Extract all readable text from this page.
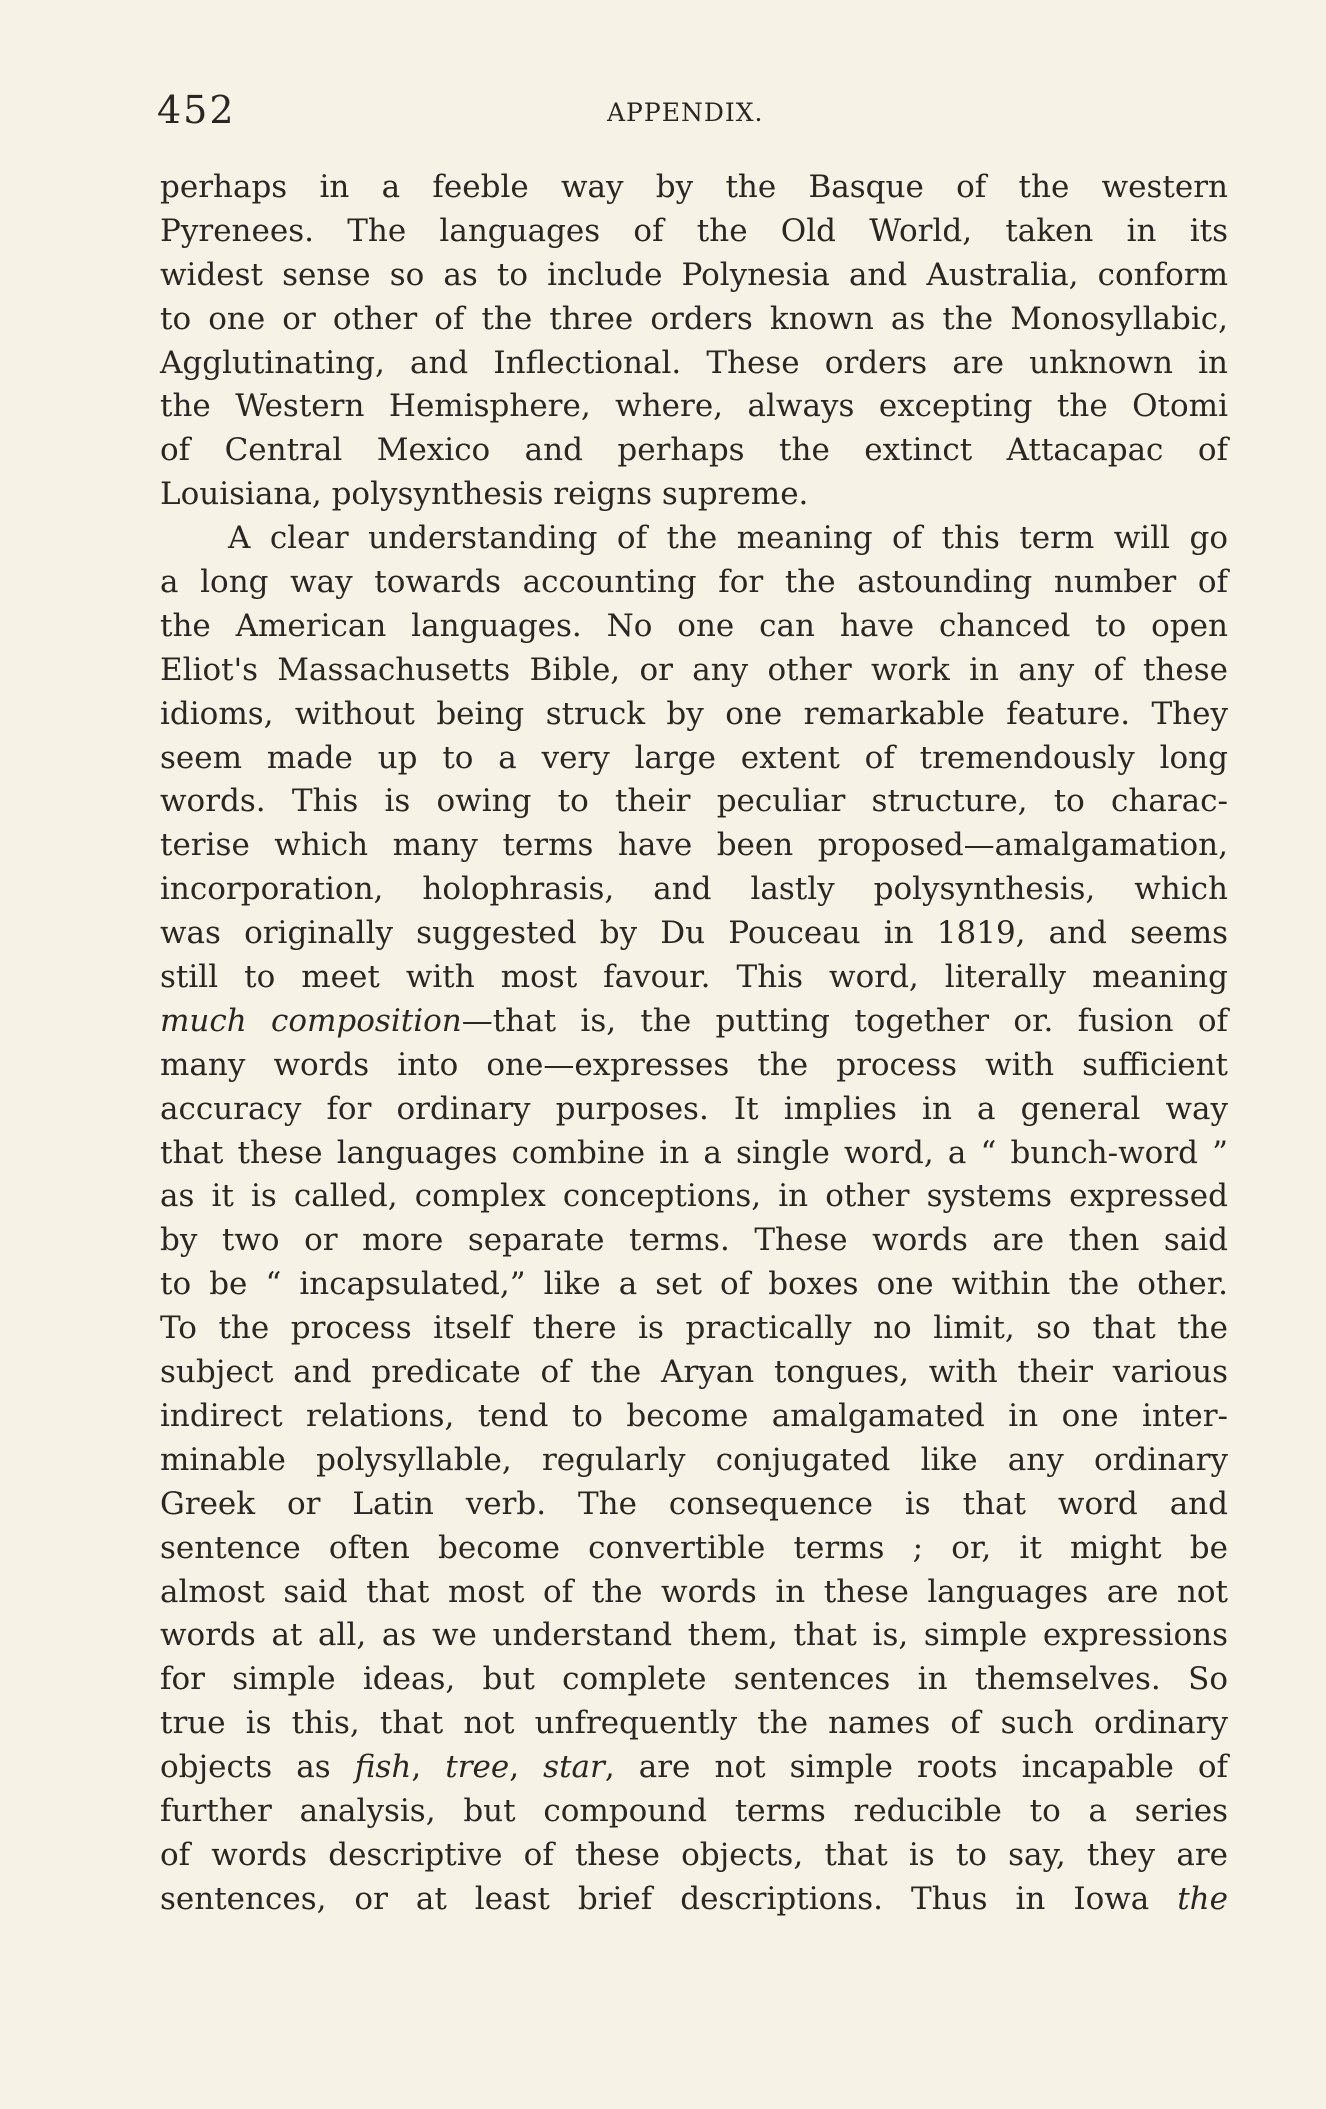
452	APPENDIX.
perhaps in a feeble way by the Basque of the western
Pyrenees. The languages of the Old World, taken in its
widest sense so as to include Polynesia and Australia, conform
to one or other of the three orders known as the Monosyllabic,
Agglutinating, and Inflectional. These orders are unknown in
the Western Hemisphere, where, always excepting the Otomi
of Central Mexico and perhaps the extinct Attacapac of
Louisiana, polysynthesis reigns supreme.
A clear understanding of the meaning of this term will go
a long way towards accounting for the astounding number of
the American languages. No one can have chanced to open
Eliot's Massachusetts Bible, or any other work in any of these
idioms, without being struck by one remarkable feature. They
seem made up to a very large extent of tremendously long
words. This is owing to their peculiar structure, to charac-
terise which many terms have been proposed—amalgamation,
incorporation, holophrasis, and lastly polysynthesis, which
was originally suggested by Du Pouceau in 1819, and seems
still to meet with most favour. This word, literally meaning
much composition—that is, the putting together or. fusion of
many words into one—expresses the process with sufficient
accuracy for ordinary purposes. It implies in a general way
that these languages combine in a single word, a “ bunch-word ”
as it is called, complex conceptions, in other systems expressed
by two or more separate terms. These words are then said
to be “ incapsulated,” like a set of boxes one within the other.
To the process itself there is practically no limit, so that the
subject and predicate of the Aryan tongues, with their various
indirect relations, tend to become amalgamated in one inter-
minable polysyllable, regularly conjugated like any ordinary
Greek or Latin verb. The consequence is that word and
sentence often become convertible terms ; or, it might be
almost said that most of the words in these languages are not
words at all, as we understand them, that is, simple expressions
for simple ideas, but complete sentences in themselves. So
true is this, that not unfrequently the names of such ordinary
objects as fish, tree, star, are not simple roots incapable of
further analysis, but compound terms reducible to a series
of words descriptive of these objects, that is to say, they are
sentences, or at least brief descriptions. Thus in Iowa the
